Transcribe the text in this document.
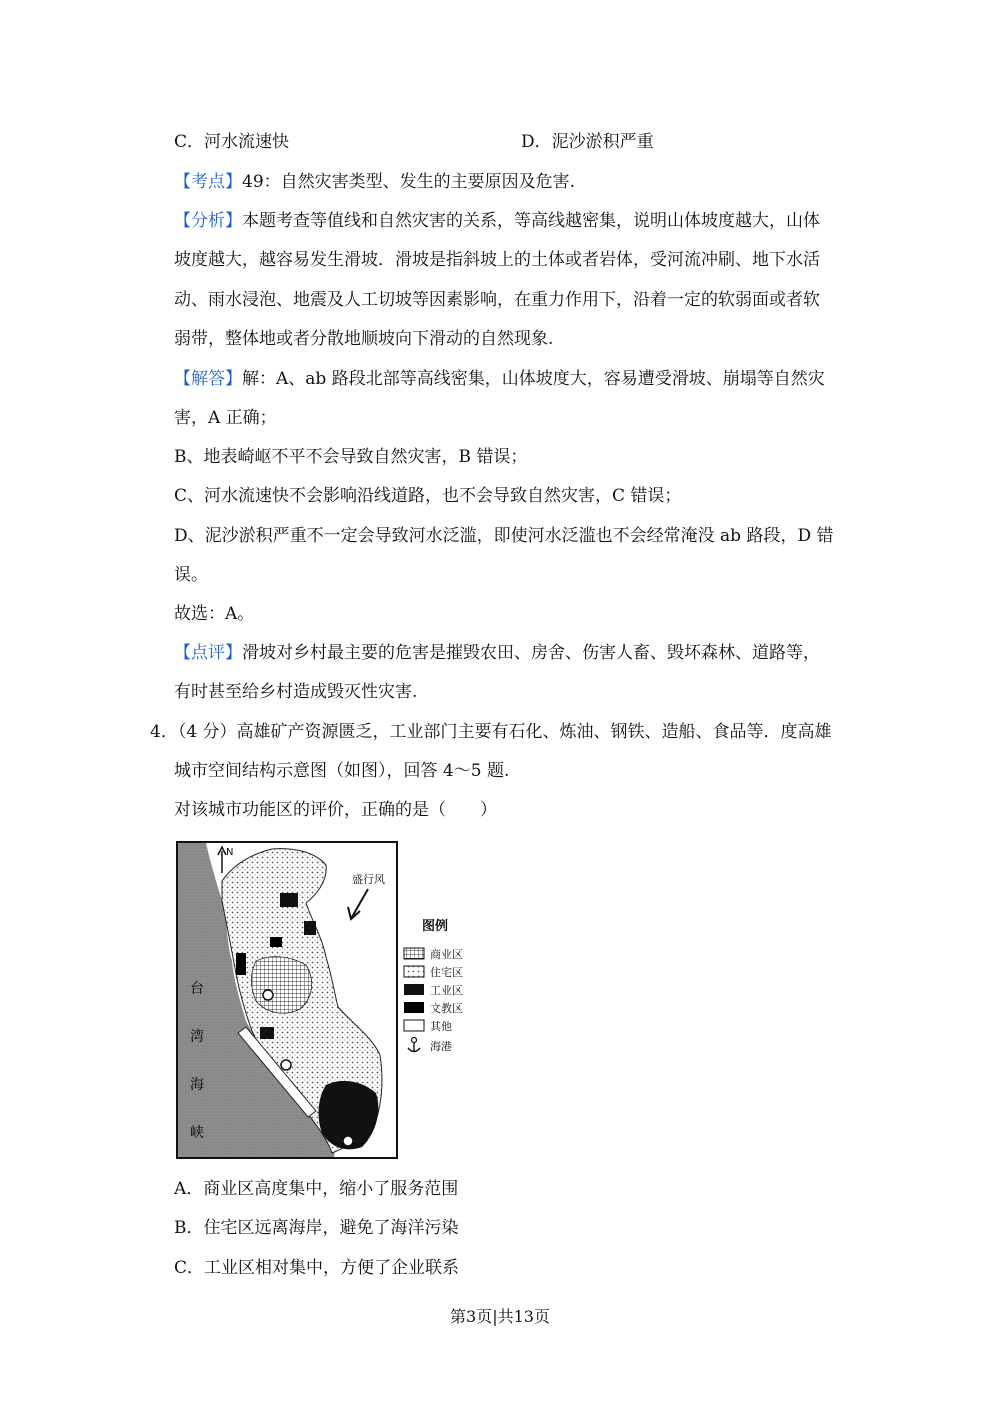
C．河水流速快	D．泥沙淤积严重
【考点】49：自然灾害类型、发生的主要原因及危害.
【分析】本题考查等值线和自然灾害的关系，等高线越密集，说明山体坡度越大，山体
坡度越大，越容易发生滑坡．滑坡是指斜坡上的土体或者岩体，受河流冲刷、地下水活
动、雨水浸泡、地震及人工切坡等因素影响，在重力作用下，沿着一定的软弱面或者软
弱带，整体地或者分散地顺坡向下滑动的自然现象.
【解答】解：A、ab 路段北部等高线密集，山体坡度大，容易遭受滑坡、崩塌等自然灾
害，A 正确；
B、地表崎岖不平不会导致自然灾害，B 错误；
C、河水流速快不会影响沿线道路，也不会导致自然灾害，C 错误；
D、泥沙淤积严重不一定会导致河水泛滥，即使河水泛滥也不会经常淹没 ab 路段，D 错
误。
故选：A。
【点评】滑坡对乡村最主要的危害是摧毁农田、房舍、伤害人畜、毁坏森林、道路等，
有时甚至给乡村造成毁灭性灾害.
4．（4 分）高雄矿产资源匮乏，工业部门主要有石化、炼油、钢铁、造船、食品等．度高雄
城市空间结构示意图（如图），回答 4～5 题.
对该城市功能区的评价，正确的是（　　）
N
盛行风
台
湾
海
峡
图例
商业区
住宅区
工业区
文教区
其他
海港
A．商业区高度集中，缩小了服务范围
B．住宅区远离海岸，避免了海洋污染
C．工业区相对集中，方便了企业联系
第3页|共13页
